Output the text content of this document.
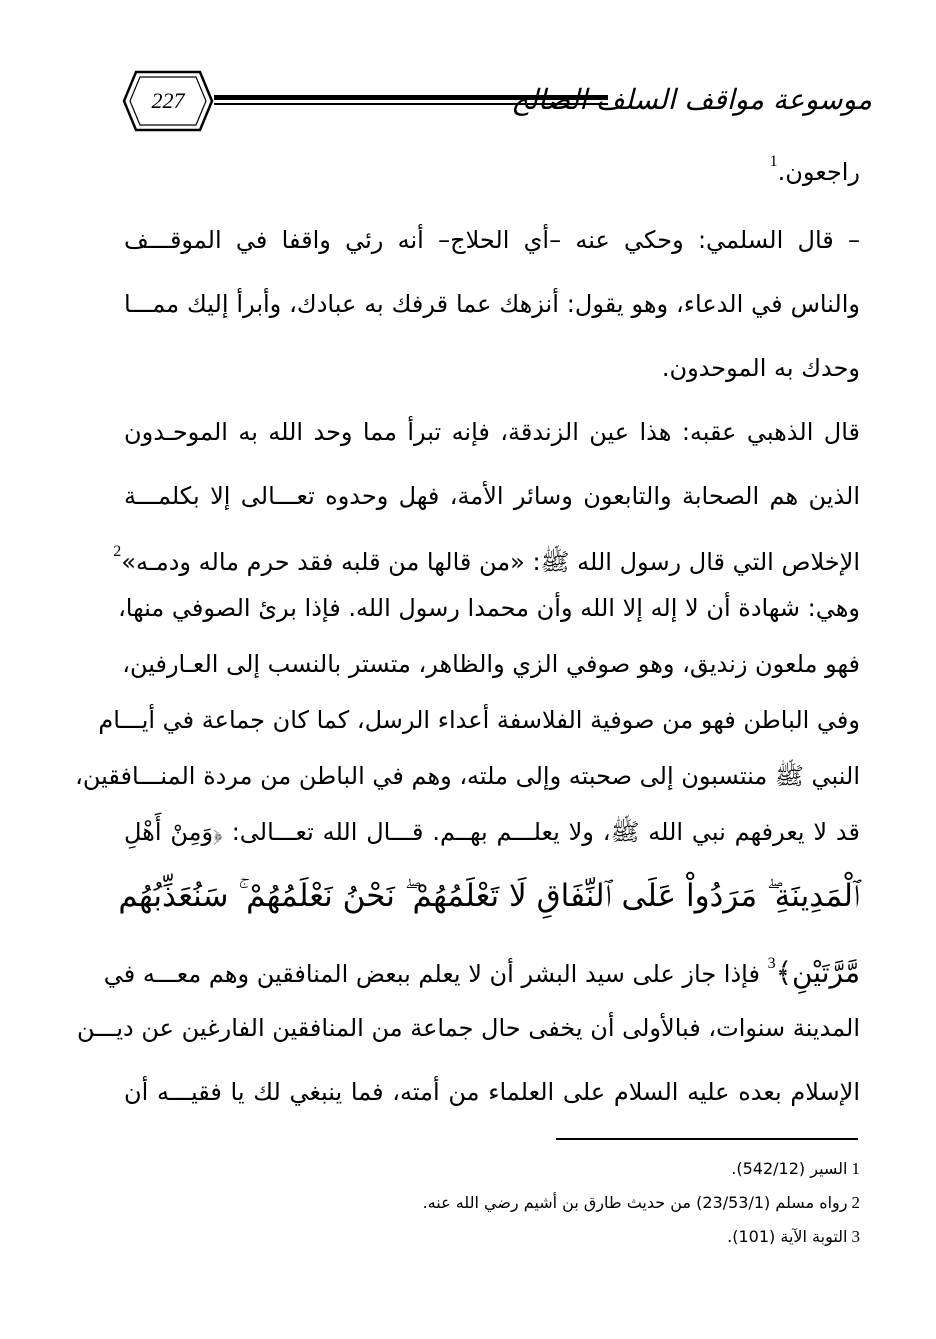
227	موسوعة مواقف السلف الصالح
راجعون.$^1$
– قال السلمي: وحكي عنه –أي الحلاج– أنه رئي واقفا في الموقـــف
والناس في الدعاء، وهو يقول: أنزهك عما قرفك به عبادك، وأبرأ إليك ممـــا
وحدك به الموحدون.
قال الذهبي عقبه: هذا عين الزندقة، فإنه تبرأ مما وحد الله به الموحـدون
الذين هم الصحابة والتابعون وسائر الأمة، فهل وحدوه تعـــالى إلا بكلمـــة
الإخلاص التي قال رسول الله ﷺ: «من قالها من قلبه فقد حرم ماله ودمـه»$^2$
وهي: شهادة أن لا إله إلا الله وأن محمدا رسول الله. فإذا برئ الصوفي منها،
فهو ملعون زنديق، وهو صوفي الزي والظاهر، متستر بالنسب إلى العـارفين،
وفي الباطن فهو من صوفية الفلاسفة أعداء الرسل، كما كان جماعة في أيـــام
النبي ﷺ منتسبون إلى صحبته وإلى ملته، وهم في الباطن من مردة المنـــافقين،
قد لا يعرفهم نبي الله ﷺ، ولا يعلـــم بهــم. قـــال الله تعـــالى: ﴿وَمِنْ أَهْلِ
ٱلْمَدِينَةِ ۖ مَرَدُواْ عَلَى ٱلنِّفَاقِ لَا تَعْلَمُهُمْ ۖ نَحْنُ نَعْلَمُهُمْ ۚ سَنُعَذِّبُهُم
مَّرَّتَيْنِ﴾$^3$ فإذا جاز على سيد البشر أن لا يعلم ببعض المنافقين وهم معـــه في
المدينة سنوات، فبالأولى أن يخفى حال جماعة من المنافقين الفارغين عن ديـــن
الإسلام بعده عليه السلام على العلماء من أمته، فما ينبغي لك يا فقيـــه أن
1السير (542/12).
2رواه مسلم (23/53/1) من حديث طارق بن أشيم رضي الله عنه.
3التوبة الآية (101).
